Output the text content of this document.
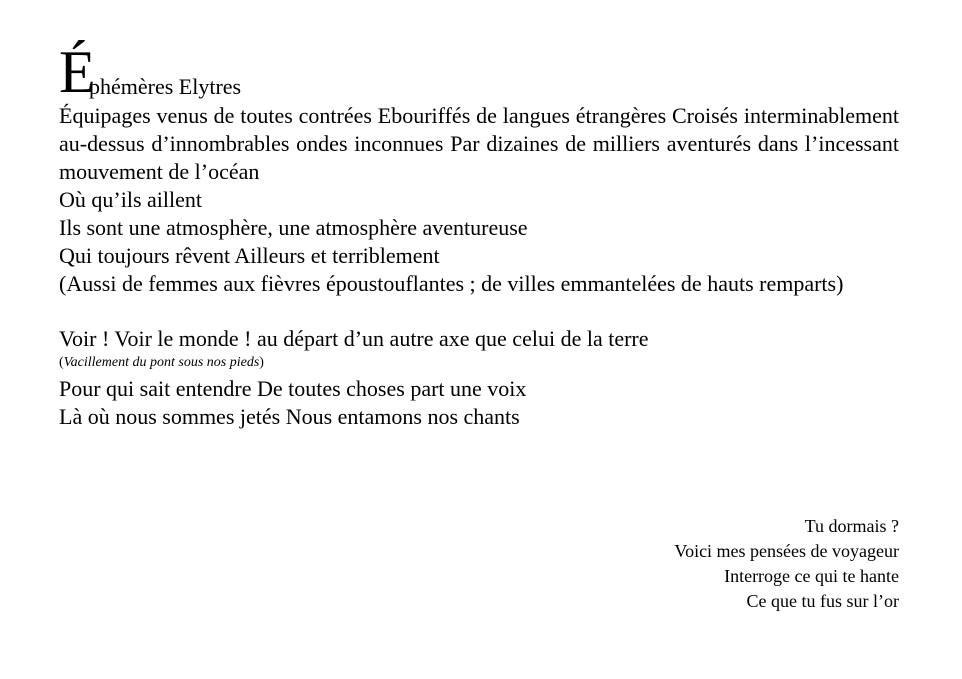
É
phémères Elytres

Équipages venus de toutes contrées Ebouriffés de langues étrangères Croisés interminablement au-dessus d’innombrables ondes inconnues Par dizaines de milliers aventurés dans l’incessant mouvement de l’océan

Où qu’ils aillent

Ils sont une atmosphère, une atmosphère aventureuse

Qui toujours rêvent Ailleurs et terriblement

(Aussi de femmes aux fièvres époustouflantes ; de villes emmantelées de hauts remparts)

Voir ! Voir le monde ! au départ d’un autre axe que celui de la terre

(Vacillement du pont sous nos pieds)

Pour qui sait entendre De toutes choses part une voix

Là où nous sommes jetés Nous entamons nos chants

Tu dormais ?
Voici mes pensées de voyageur
Interroge ce qui te hante
Ce que tu fus sur l’or
